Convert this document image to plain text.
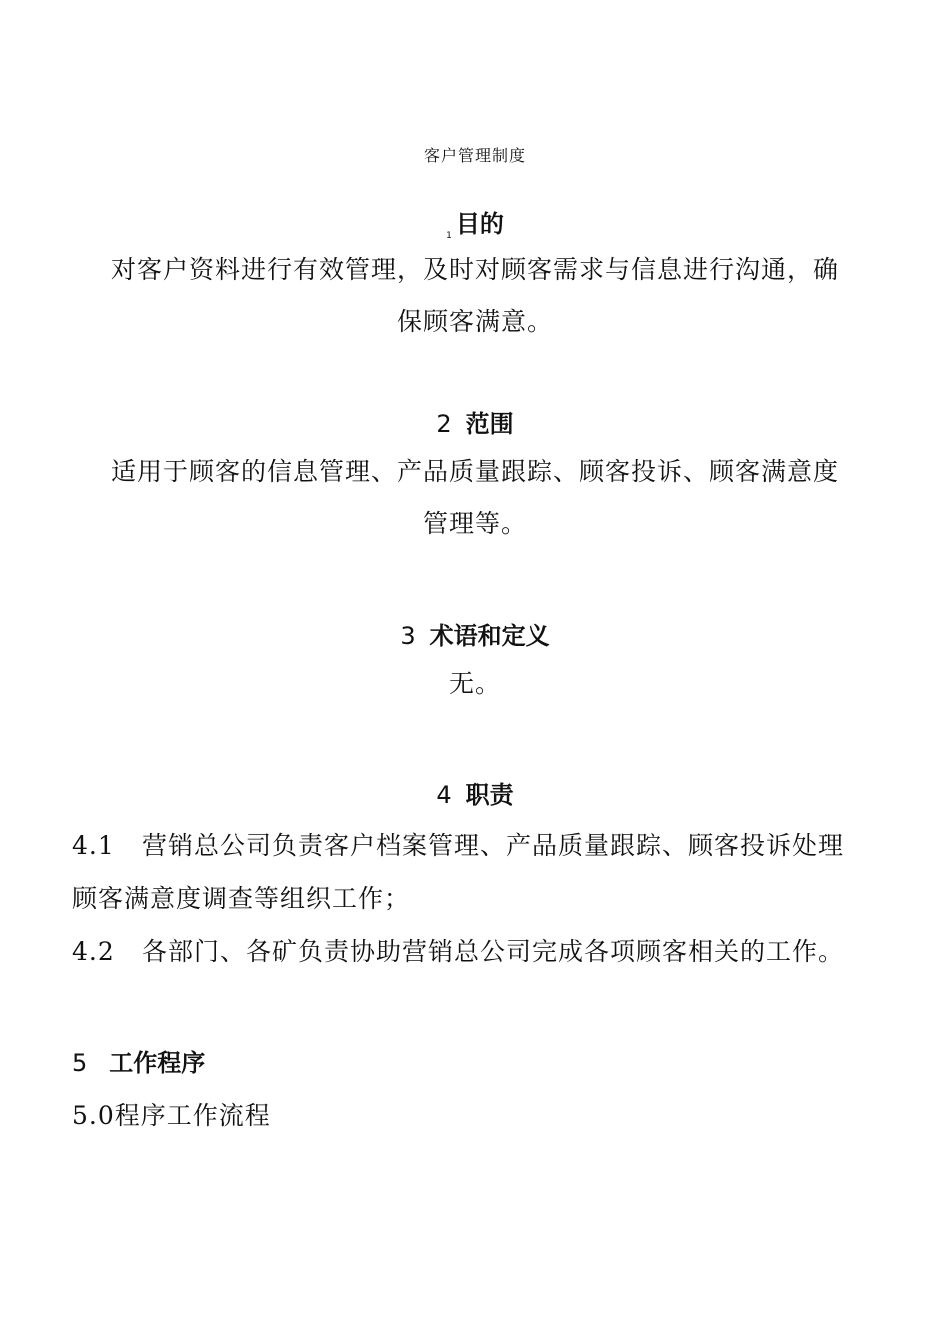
客户管理制度
1 目的
对客户资料进行有效管理，及时对顾客需求与信息进行沟通，确
保顾客满意。
2 范围
适用于顾客的信息管理、产品质量跟踪、顾客投诉、顾客满意度
管理等。
3 术语和定义
无。
4 职责
4.1 营销总公司负责客户档案管理、产品质量跟踪、顾客投诉处理
顾客满意度调查等组织工作；
4.2 各部门、各矿负责协助营销总公司完成各项顾客相关的工作。
5 工作程序
5.0程序工作流程
